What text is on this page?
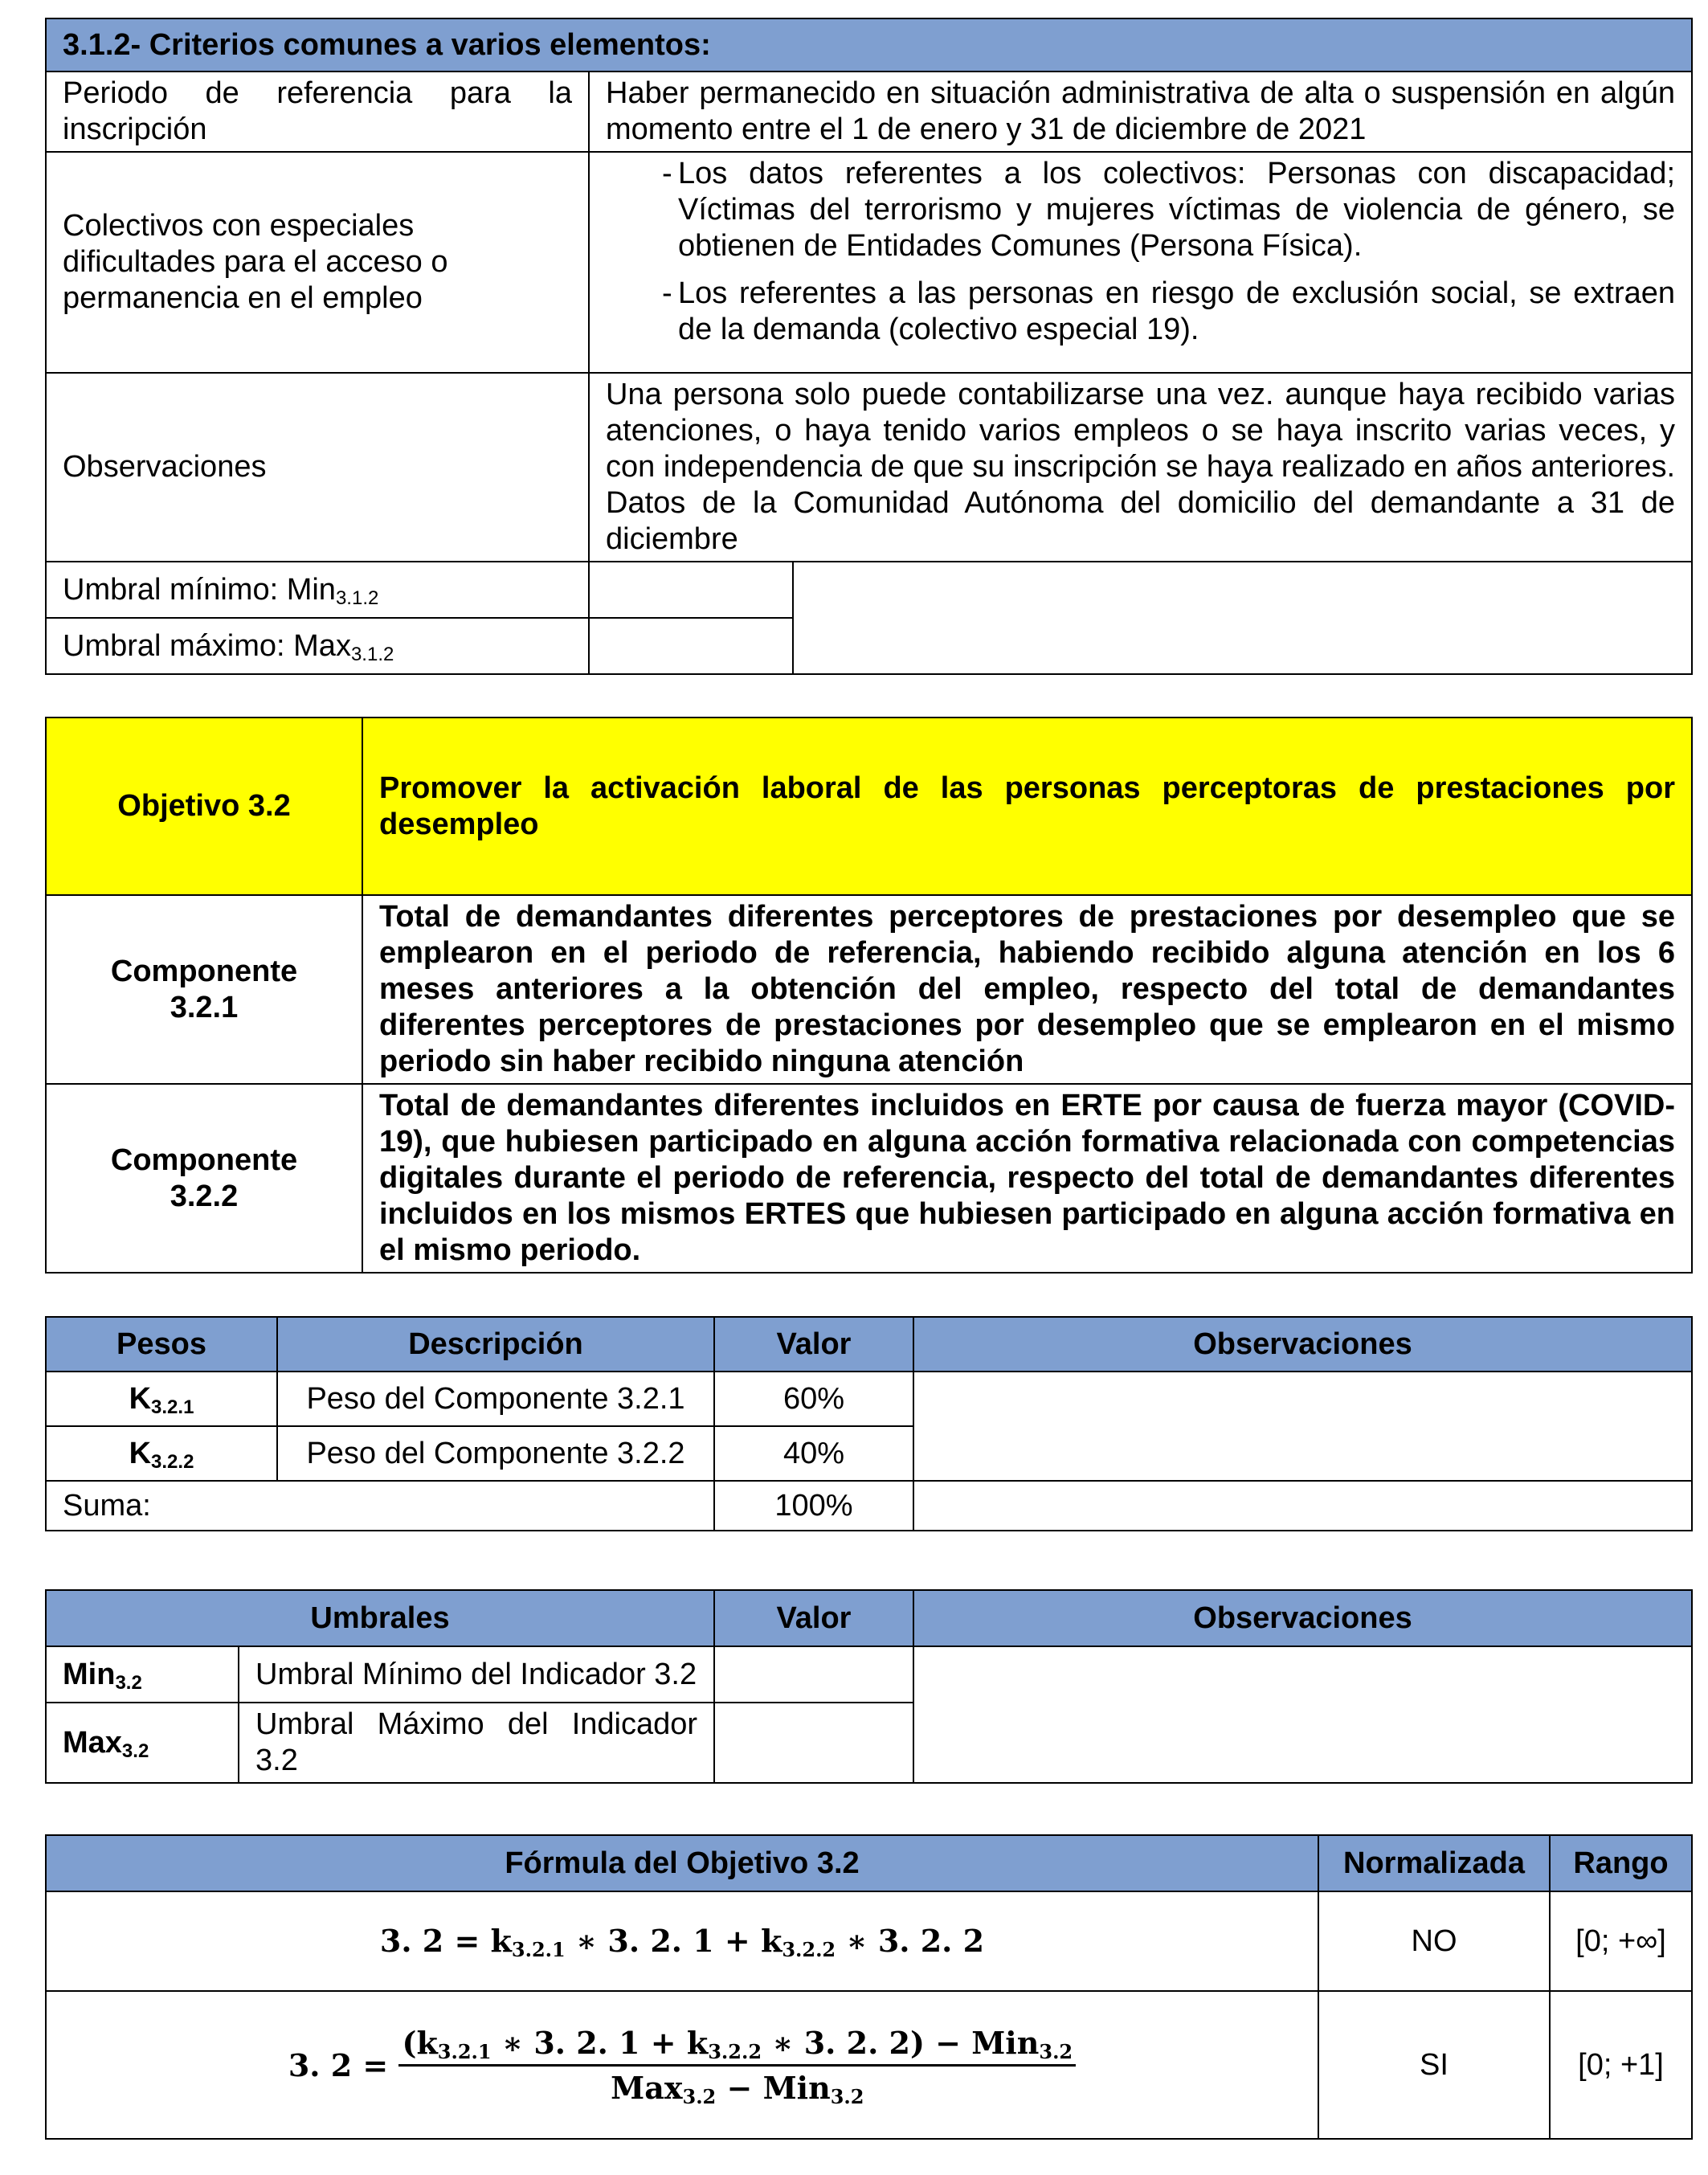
3.1.2- Criterios comunes a varios elementos:		
Periodo de referencia para la inscripción	Haber permanecido en situación administrativa de alta o suspensión en algún momento entre el 1 de enero y 31 de diciembre de 2021	
Colectivos con especiales dificultades para el acceso o permanencia en el empleo	- Los datos referentes a los colectivos: Personas con discapacidad; Víctimas del terrorismo y mujeres víctimas de violencia de género, se obtienen de Entidades Comunes (Persona Física).
- Los referentes a las personas en riesgo de exclusión social, se extraen de la demanda (colectivo especial 19).	

Observaciones	Una persona solo puede contabilizarse una vez. aunque haya recibido varias atenciones, o haya tenido varios empleos o se haya inscrito varias veces, y con independencia de que su inscripción se haya realizado en años anteriores. Datos de la Comunidad Autónoma del domicilio del demandante a 31 de diciembre	
Umbral mínimo: Min$_{3.1.2}$		
Umbral máximo: Max$_{3.1.2}$	
Objetivo 3.2	Promover la activación laboral de las personas perceptoras de prestaciones por desempleo

Componente
3.2.1	Total de demandantes diferentes perceptores de prestaciones por desempleo que se emplearon en el periodo de referencia, habiendo recibido alguna atención en los 6 meses anteriores a la obtención del empleo, respecto del total de demandantes diferentes perceptores de prestaciones por desempleo que se emplearon en el mismo periodo sin haber recibido ninguna atención

Componente
3.2.2	Total de demandantes diferentes incluidos en ERTE por causa de fuerza mayor (COVID-19), que hubiesen participado en alguna acción formativa relacionada con competencias digitales durante el periodo de referencia, respecto del total de demandantes diferentes incluidos en los mismos ERTES que hubiesen participado en alguna acción formativa en el mismo periodo.
Pesos	Descripción	Valor	Observaciones
$K_{3.2.1}$	Peso del Componente 3.2.1	60%	
$K_{3.2.2}$	Peso del Componente 3.2.2	40%	
Suma:		100%	
Umbrales		Valor	Observaciones
Min$_{3.2}$	Umbral Mínimo del Indicador 3.2		
Max$_{3.2}$	Umbral Máximo del Indicador 3.2		
Fórmula del Objetivo 3.2	Normalizada	Rango
3. $2 = k_{3.2.1}$ ∗ 3. 2. $1 + k_{3.2.2}$ ∗ 3. 2. 2	NO	[0; +∞]
3. $2 = \frac{(k_{3.2.1} ∗ 3. 2. 1 + k_{3.2.2} ∗ 3. 2. 2) - Min_{3.2}}{Max_{3.2} - Min_{3.2}}$	SI	[0; +1]
